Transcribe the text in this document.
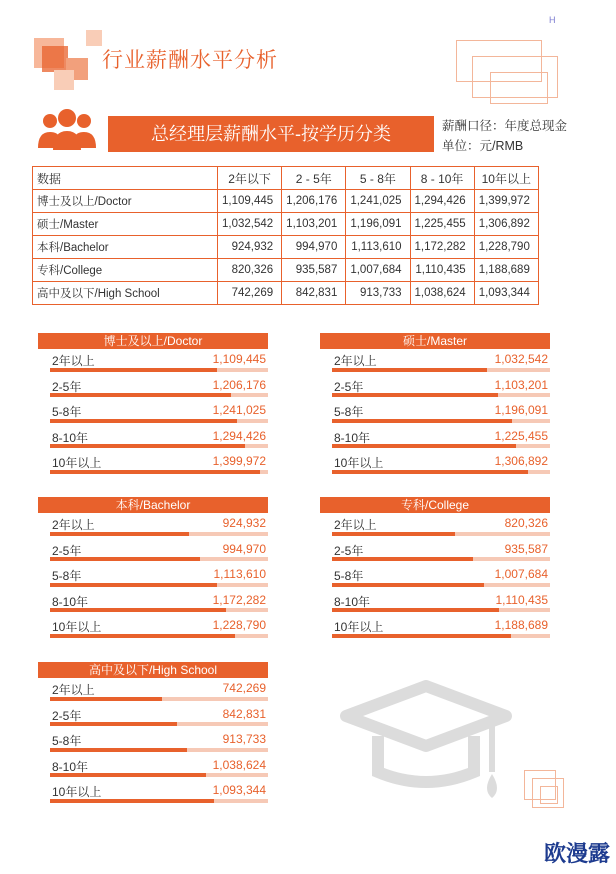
行业薪酬水平分析
H
总经理层薪酬水平-按学历分类	薪酬口径：年度总现金
单位：元/RMB
数据	2年以下	2 - 5年	5 - 8年	8 - 10年	10年以上
博士及以上/Doctor	1,109,445	1,206,176	1,241,025	1,294,426	1,399,972
硕士/Master	1,032,542	1,103,201	1,196,091	1,225,455	1,306,892
本科/Bachelor	924,932	994,970	1,113,610	1,172,282	1,228,790
专科/College	820,326	935,587	1,007,684	1,110,435	1,188,689
高中及以下/High School	742,269	842,831	913,733	1,038,624	1,093,344
博士及以上/Doctor
2年以上	1,109,445
2-5年	1,206,176
5-8年	1,241,025
8-10年	1,294,426
10年以上	1,399,972
硕士/Master
2年以上	1,032,542
2-5年	1,103,201
5-8年	1,196,091
8-10年	1,225,455
10年以上	1,306,892
本科/Bachelor
2年以上	924,932
2-5年	994,970
5-8年	1,113,610
8-10年	1,172,282
10年以上	1,228,790
专科/College
2年以上	820,326
2-5年	935,587
5-8年	1,007,684
8-10年	1,110,435
10年以上	1,188,689
高中及以下/High School
2年以上	742,269
2-5年	842,831
5-8年	913,733
8-10年	1,038,624
10年以上	1,093,344
欧漫露
